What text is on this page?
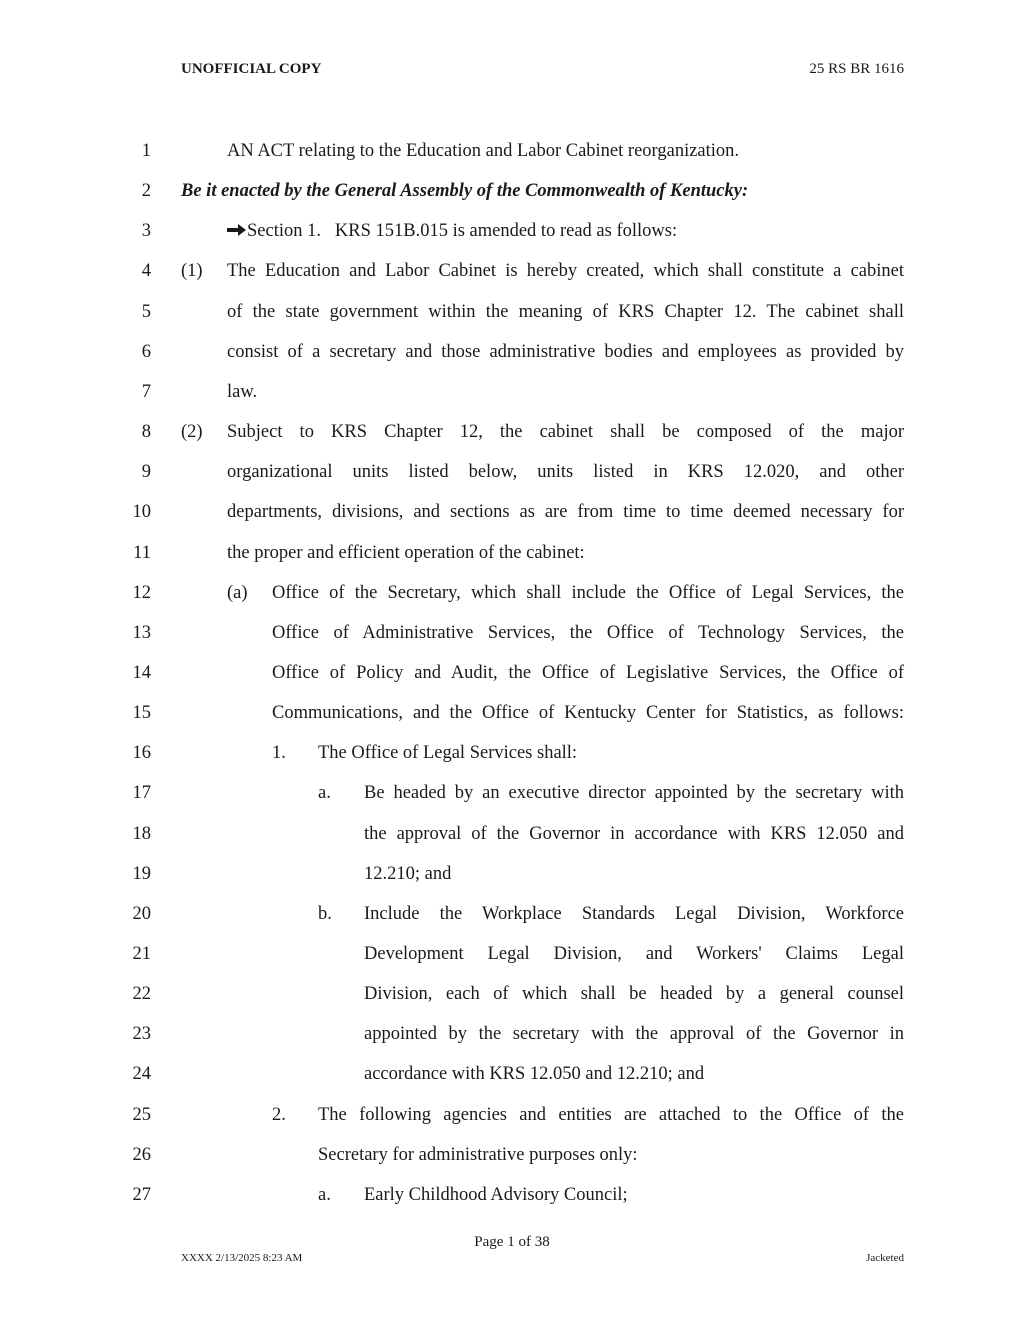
UNOFFICIAL COPY	25 RS BR 1616
1	AN ACT relating to the Education and Labor Cabinet reorganization.
2 Be it enacted by the General Assembly of the Commonwealth of Kentucky:
3	Section 1.   KRS 151B.015 is amended to read as follows:
4 (1) The Education and Labor Cabinet is hereby created, which shall constitute a cabinet
5	of the state government within the meaning of KRS Chapter 12. The cabinet shall
6	consist of a secretary and those administrative bodies and employees as provided by
7	law.
8 (2) Subject to KRS Chapter 12, the cabinet shall be composed of the major
9	organizational units listed below, units listed in KRS 12.020, and other
10	departments, divisions, and sections as are from time to time deemed necessary for
11	the proper and efficient operation of the cabinet:
12	(a) Office of the Secretary, which shall include the Office of Legal Services, the
13	Office of Administrative Services, the Office of Technology Services, the
14	Office of Policy and Audit, the Office of Legislative Services, the Office of
15	Communications, and the Office of Kentucky Center for Statistics, as follows:
16	1. The Office of Legal Services shall:
17	a. Be headed by an executive director appointed by the secretary with
18	the approval of the Governor in accordance with KRS 12.050 and
19	12.210; and
20	b. Include the Workplace Standards Legal Division, Workforce
21	Development Legal Division, and Workers' Claims Legal
22	Division, each of which shall be headed by a general counsel
23	appointed by the secretary with the approval of the Governor in
24	accordance with KRS 12.050 and 12.210; and
25	2. The following agencies and entities are attached to the Office of the
26	Secretary for administrative purposes only:
27	a. Early Childhood Advisory Council;
Page 1 of 38
XXXX 2/13/2025 8:23 AM	Jacketed
